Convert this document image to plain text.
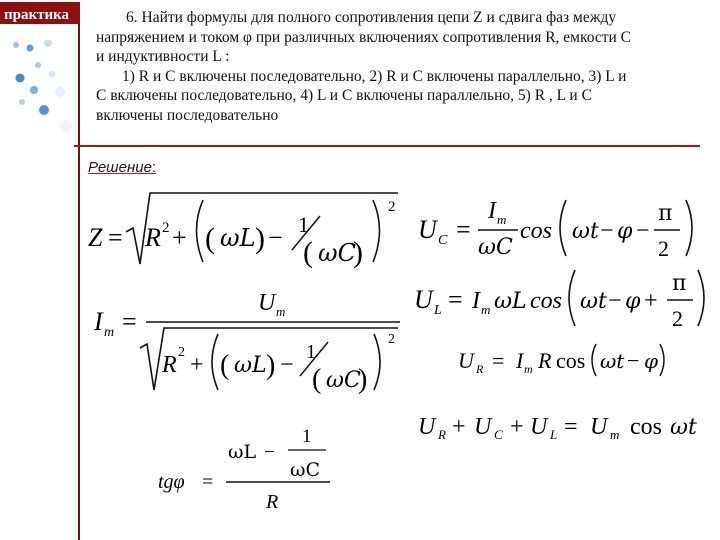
практика	6. Найти формулы для полного сопротивления цепи Z и сдвига фаз между
напряжением и током φ при различных включениях сопротивления R, емкости C
и индуктивности L :
1) R и С включены последовательно, 2) R и С включены параллельно, 3) L и
С включены последовательно, 4) L и С включены параллельно, 5) R , L и С
включены последовательно
Решение:
Z = R 2 + ( ωL ) − 1
( ωC
)
2
I m =
U m
R 2 + ( ωL ) − 1
( ωC
)
2
ωL −
1
ωC
tgφ =
R
U C =
I m
ωC
cos ωt − φ −
π
2
U L = I m ωL cos ωt − φ +
π
2
U R = I m R cos ωt − φ
U R + U C + U L = U m cos ωt
